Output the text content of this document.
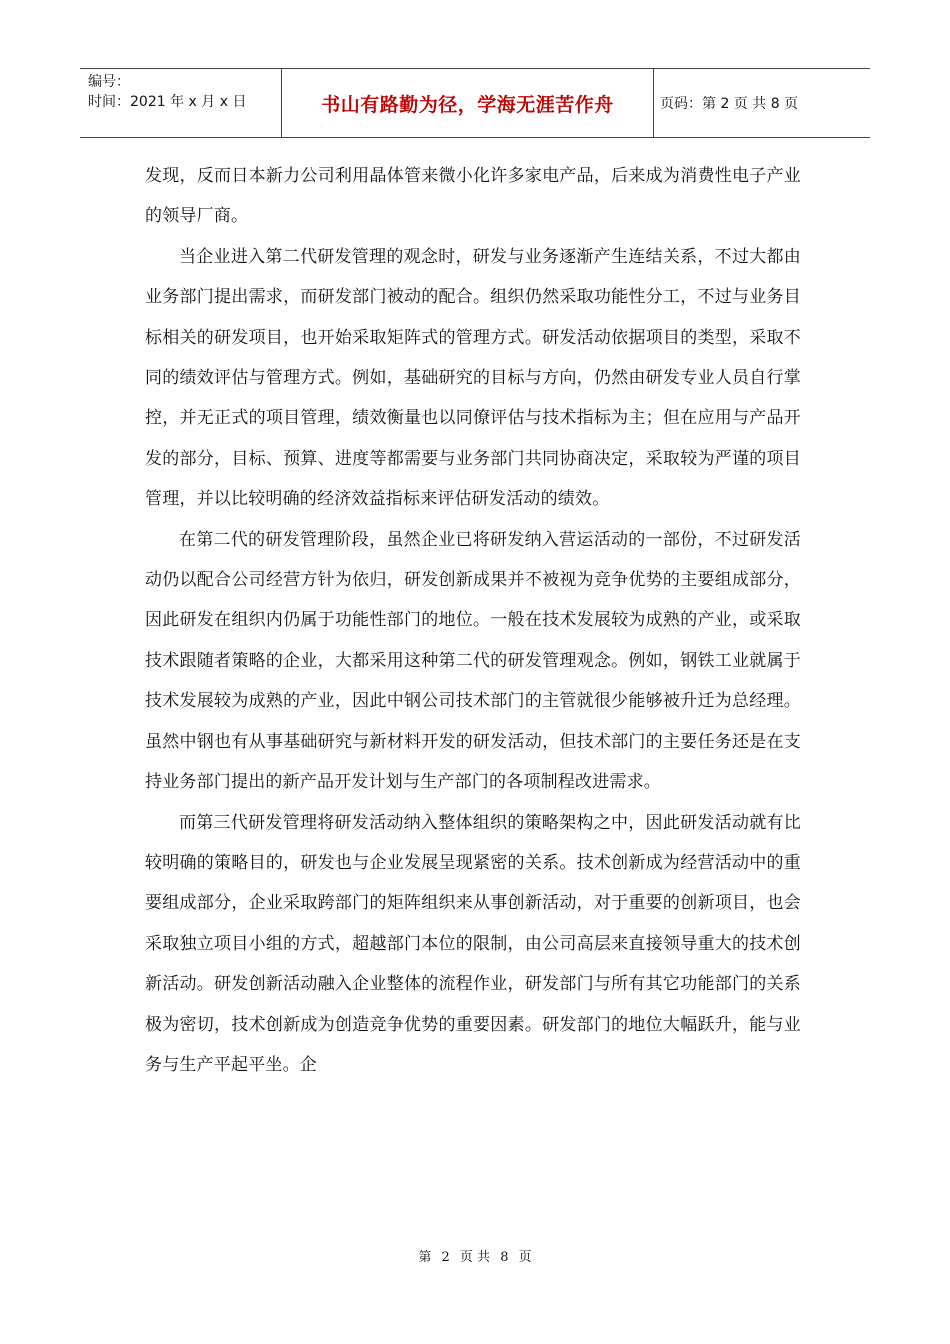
编号：
时间：2021 年 x 月 x 日	书山有路勤为径，学海无涯苦作舟	页码：第 2 页 共 8 页

发现，反而日本新力公司利用晶体管来微小化许多家电产品，后来成为消费性电子产业的领导厂商。

当企业进入第二代研发管理的观念时，研发与业务逐渐产生连结关系，不过大都由业务部门提出需求，而研发部门被动的配合。组织仍然采取功能性分工，不过与业务目标相关的研发项目，也开始采取矩阵式的管理方式。研发活动依据项目的类型，采取不同的绩效评估与管理方式。例如，基础研究的目标与方向，仍然由研发专业人员自行掌控，并无正式的项目管理，绩效衡量也以同僚评估与技术指标为主；但在应用与产品开发的部分，目标、预算、进度等都需要与业务部门共同协商决定，采取较为严谨的项目管理，并以比较明确的经济效益指标来评估研发活动的绩效。

在第二代的研发管理阶段，虽然企业已将研发纳入营运活动的一部份，不过研发活动仍以配合公司经营方针为依归，研发创新成果并不被视为竞争优势的主要组成部分，因此研发在组织内仍属于功能性部门的地位。一般在技术发展较为成熟的产业，或采取技术跟随者策略的企业，大都采用这种第二代的研发管理观念。例如，钢铁工业就属于技术发展较为成熟的产业，因此中钢公司技术部门的主管就很少能够被升迁为总经理。虽然中钢也有从事基础研究与新材料开发的研发活动，但技术部门的主要任务还是在支持业务部门提出的新产品开发计划与生产部门的各项制程改进需求。

而第三代研发管理将研发活动纳入整体组织的策略架构之中，因此研发活动就有比较明确的策略目的，研发也与企业发展呈现紧密的关系。技术创新成为经营活动中的重要组成部分，企业采取跨部门的矩阵组织来从事创新活动，对于重要的创新项目，也会采取独立项目小组的方式，超越部门本位的限制，由公司高层来直接领导重大的技术创新活动。研发创新活动融入企业整体的流程作业，研发部门与所有其它功能部门的关系极为密切，技术创新成为创造竞争优势的重要因素。研发部门的地位大幅跃升，能与业务与生产平起平坐。企

第 2 页 共 8 页
